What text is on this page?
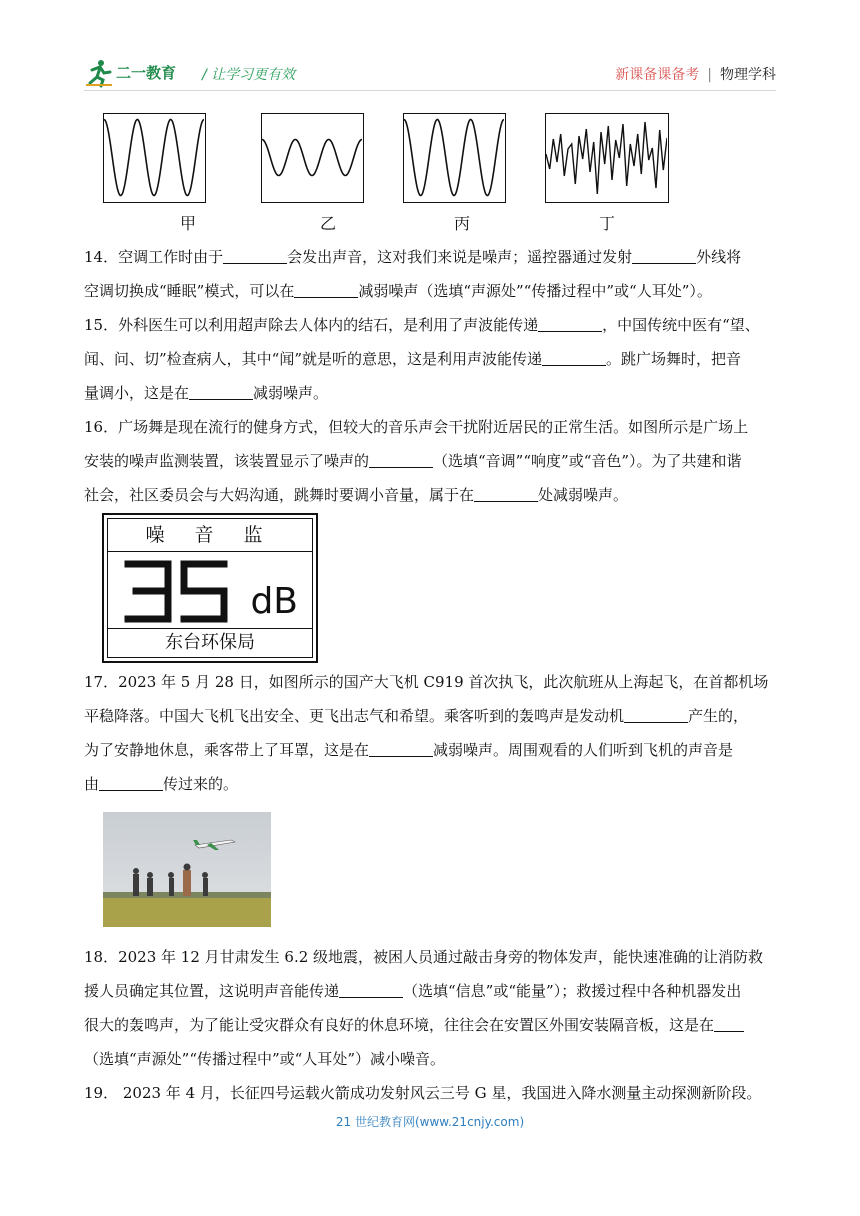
二一教育 / 让学习更有效	新课备课备考 | 物理学科
甲	乙	丙	丁

14．空调工作时由于	会发出声音，这对我们来说是噪声；遥控器通过发射	外线将

空调切换成“睡眠”模式，可以在	减弱噪声（选填“声源处”“传播过程中”或“人耳处”）。

15．外科医生可以利用超声除去人体内的结石，是利用了声波能传递	，中国传统中医有“望、

闻、问、切”检查病人，其中“闻”就是听的意思，这是利用声波能传递	。跳广场舞时，把音

量调小，这是在	减弱噪声。

16．广场舞是现在流行的健身方式，但较大的音乐声会干扰附近居民的正常生活。如图所示是广场上

安装的噪声监测装置，该装置显示了噪声的	（选填“音调”“响度”或“音色”）。为了共建和谐

社会，社区委员会与大妈沟通，跳舞时要调小音量，属于在	处减弱噪声。

噪 音 监
dB
东台环保局

17．2023 年 5 月 28 日，如图所示的国产大飞机 C919 首次执飞，此次航班从上海起飞，在首都机场

平稳降落。中国大飞机飞出安全、更飞出志气和希望。乘客听到的轰鸣声是发动机	产生的，

为了安静地休息，乘客带上了耳罩，这是在	减弱噪声。周围观看的人们听到飞机的声音是

由	传过来的。

18．2023 年 12 月甘肃发生 6.2 级地震，被困人员通过敲击身旁的物体发声，能快速准确的让消防救

援人员确定其位置，这说明声音能传递	（选填“信息”或“能量”）；救援过程中各种机器发出

很大的轰鸣声，为了能让受灾群众有良好的休息环境，往往会在安置区外围安装隔音板，这是在

（选填“声源处”“传播过程中”或“人耳处”）减小噪音。

19． 2023 年 4 月，长征四号运载火箭成功发射风云三号 G 星，我国进入降水测量主动探测新阶段。

21 世纪教育网(www.21cnjy.com)
